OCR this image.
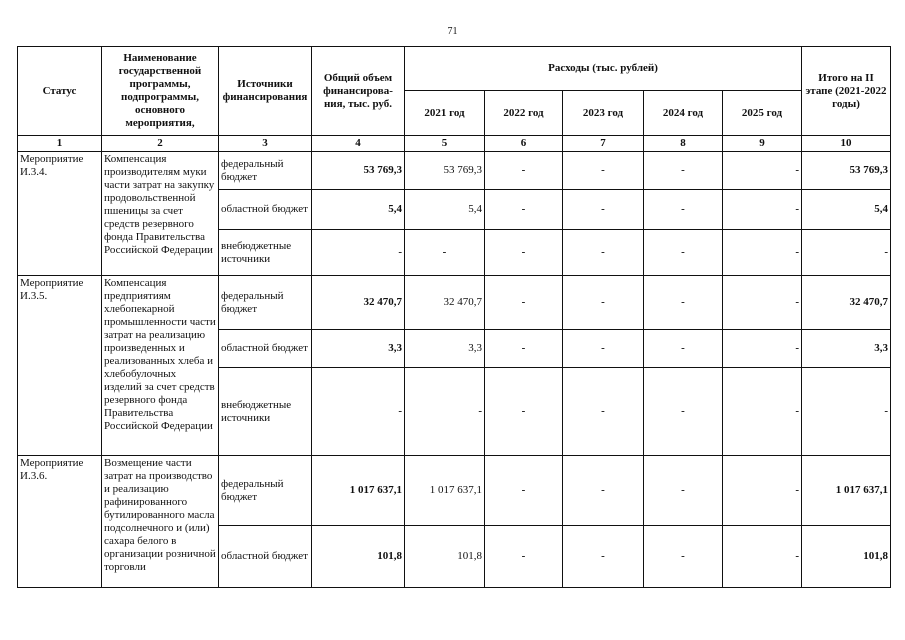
71
Статус	Наименование государственной программы, подпрограммы, основного мероприятия,	Источники финансирования	Общий объем финансирова-ния, тыс. руб.	Расходы (тыс. рублей)					Итого на II этапе (2021-2022 годы)
				2021 год	2022 год	2023 год	2024 год	2025 год	
1	2	3	4	5	6	7	8	9	10
Мероприятие И.3.4.	Компенсация производителям муки части затрат на закупку продовольственной пшеницы за счет средств резервного фонда Правительства Российской Федерации	федеральный бюджет	53 769,3	53 769,3	-	-	-	-	53 769,3
		областной бюджет	5,4	5,4	-	-	-	-	5,4
		внебюджетные источники	-	-	-	-	-	-	-
Мероприятие И.3.5.	Компенсация предприятиям хлебопекарной промышленности части затрат на реализацию произведенных и реализованных хлеба и хлебобулочных изделий за счет средств резервного фонда Правительства Российской Федерации	федеральный бюджет	32 470,7	32 470,7	-	-	-	-	32 470,7
		областной бюджет	3,3	3,3	-	-	-	-	3,3
		внебюджетные источники	-	-	-	-	-	-	-
Мероприятие И.3.6.	Возмещение части затрат на производство и реализацию рафинированного бутилированного масла подсолнечного и (или) сахара белого в организации розничной торговли	федеральный бюджет	1 017 637,1	1 017 637,1	-	-	-	-	1 017 637,1
		областной бюджет	101,8	101,8	-	-	-	-	101,8
